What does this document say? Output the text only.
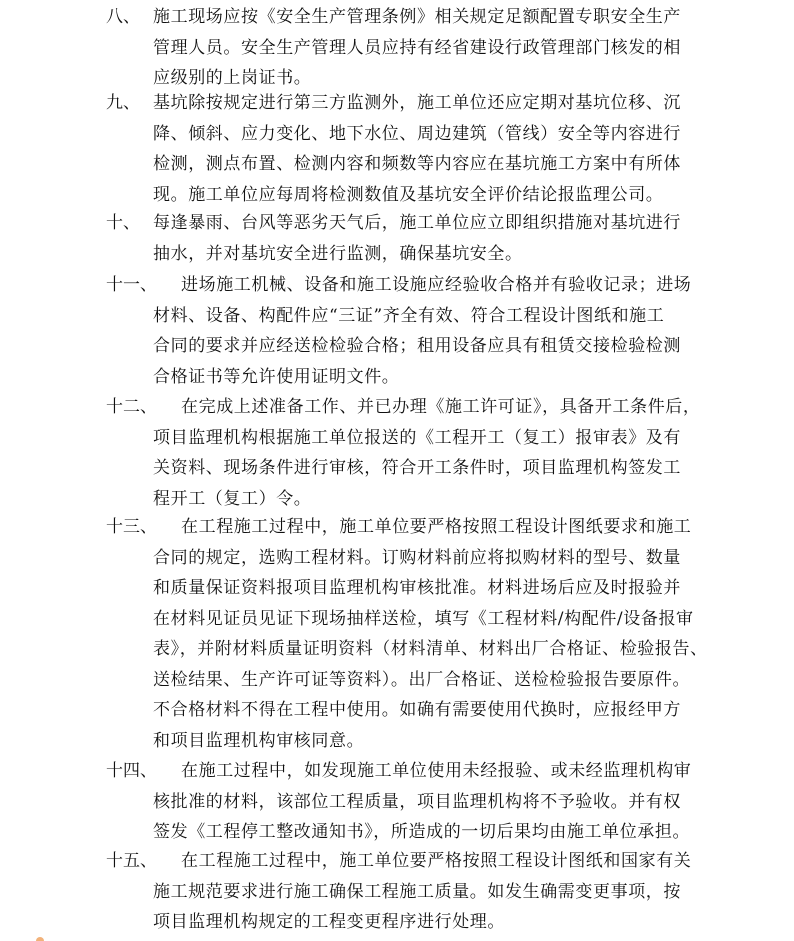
八、 施工现场应按《安全生产管理条例》相关规定足额配置专职安全生产
管理人员。安全生产管理人员应持有经省建设行政管理部门核发的相
应级别的上岗证书。
九、 基坑除按规定进行第三方监测外，施工单位还应定期对基坑位移、沉
降、倾斜、应力变化、地下水位、周边建筑（管线）安全等内容进行
检测，测点布置、检测内容和频数等内容应在基坑施工方案中有所体
现。施工单位应每周将检测数值及基坑安全评价结论报监理公司。
十、 每逢暴雨、台风等恶劣天气后，施工单位应立即组织措施对基坑进行
抽水，并对基坑安全进行监测，确保基坑安全。
十一、	进场施工机械、设备和施工设施应经验收合格并有验收记录；进场
材料、设备、构配件应“三证”齐全有效、符合工程设计图纸和施工
合同的要求并应经送检检验合格；租用设备应具有租赁交接检验检测
合格证书等允许使用证明文件。
十二、	在完成上述准备工作、并已办理《施工许可证》，具备开工条件后，
项目监理机构根据施工单位报送的《工程开工（复工）报审表》及有
关资料、现场条件进行审核，符合开工条件时，项目监理机构签发工
程开工（复工）令。
十三、	在工程施工过程中，施工单位要严格按照工程设计图纸要求和施工
合同的规定，选购工程材料。订购材料前应将拟购材料的型号、数量
和质量保证资料报项目监理机构审核批准。材料进场后应及时报验并
在材料见证员见证下现场抽样送检，填写《工程材料/构配件/设备报审
表》，并附材料质量证明资料（材料清单、材料出厂合格证、检验报告、
送检结果、生产许可证等资料）。出厂合格证、送检检验报告要原件。
不合格材料不得在工程中使用。如确有需要使用代换时，应报经甲方
和项目监理机构审核同意。
十四、	在施工过程中，如发现施工单位使用未经报验、或未经监理机构审
核批准的材料，该部位工程质量，项目监理机构将不予验收。并有权
签发《工程停工整改通知书》，所造成的一切后果均由施工单位承担。
十五、	在工程施工过程中，施工单位要严格按照工程设计图纸和国家有关
施工规范要求进行施工确保工程施工质量。如发生确需变更事项，按
项目监理机构规定的工程变更程序进行处理。
